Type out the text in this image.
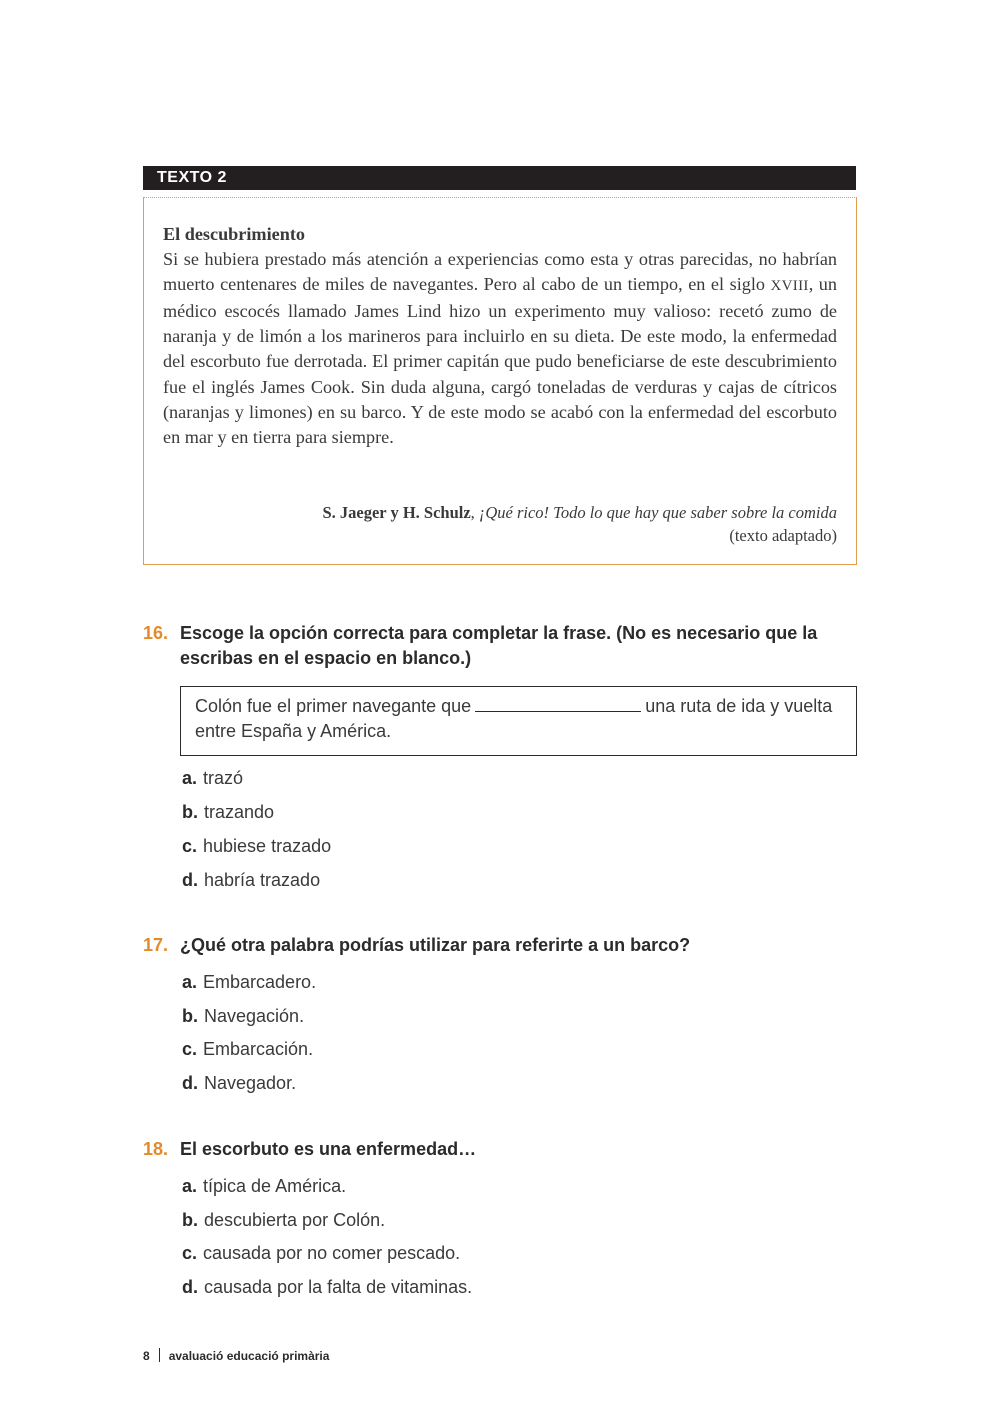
TEXTO 2

El descubrimiento

Si se hubiera prestado más atención a experiencias como esta y otras parecidas, no habrían muerto centenares de miles de navegantes. Pero al cabo de un tiempo, en el siglo XVIII, un médico escocés llamado James Lind hizo un experimento muy valioso: recetó zumo de naranja y de limón a los marineros para incluirlo en su dieta. De este modo, la enfermedad del escorbuto fue derrotada. El primer capitán que pudo beneficiarse de este descubrimiento fue el inglés James Cook. Sin duda alguna, cargó toneladas de verduras y cajas de cítricos (naranjas y limones) en su barco. Y de este modo se acabó con la enfermedad del escorbuto en mar y en tierra para siempre.

S. Jaeger y H. Schulz, ¡Qué rico! Todo lo que hay que saber sobre la comida
(texto adaptado)
16. Escoge la opción correcta para completar la frase. (No es necesario que la escribas en el espacio en blanco.)
Colón fue el primer navegante que	una ruta de ida y vuelta entre España y América.
a. trazó
b. trazando
c. hubiese trazado
d. habría trazado
17. ¿Qué otra palabra podrías utilizar para referirte a un barco?
a. Embarcadero.
b. Navegación.
c. Embarcación.
d. Navegador.
18. El escorbuto es una enfermedad…
a. típica de América.
b. descubierta por Colón.
c. causada por no comer pescado.
d. causada por la falta de vitaminas.
8 avaluació educació primària
